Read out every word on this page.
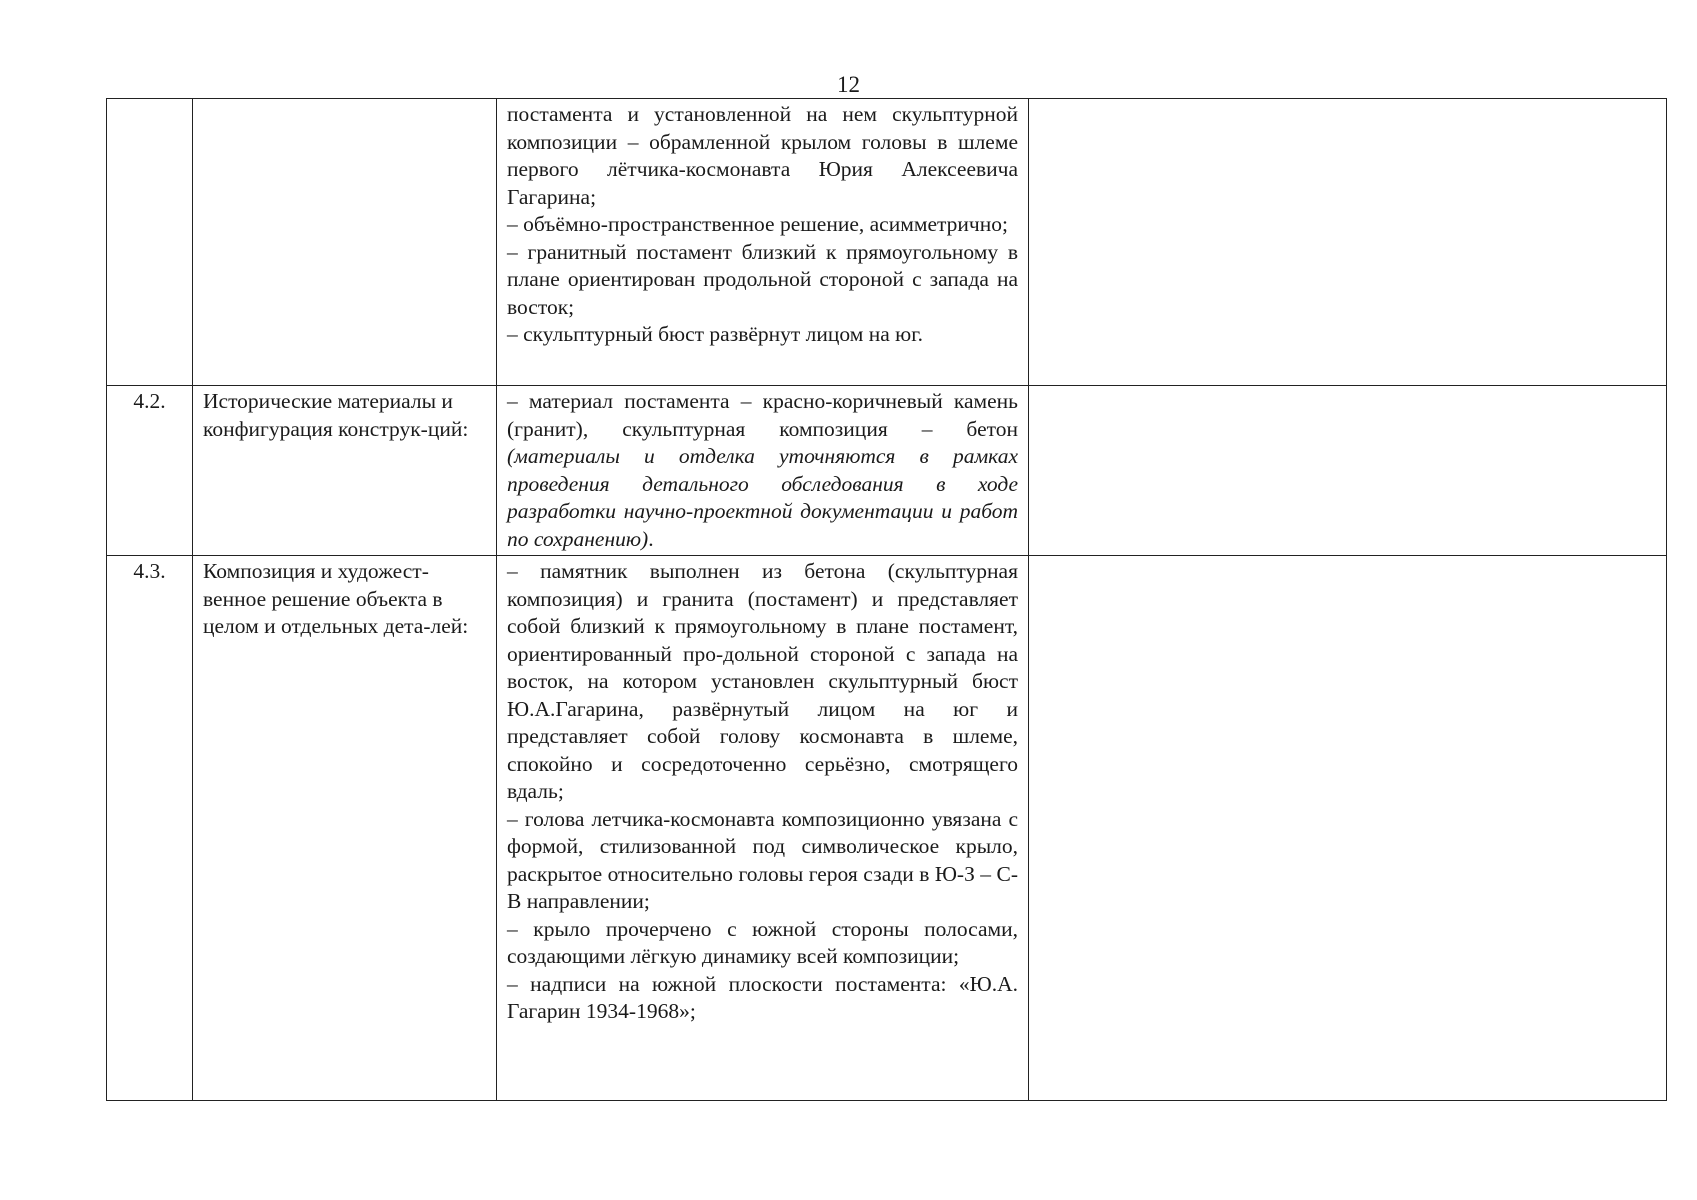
12

		постамента и установленной на нем скульптурной композиции – обрамленной крылом головы в шлеме первого лётчика-космонавта Юрия Алексеевича Гагарина;

– объёмно-пространственное решение, асимметрично;

– гранитный постамент близкий к прямоугольному в плане ориентирован продольной стороной с запада на восток;

– скульптурный бюст развёрнут лицом на юг.	

4.2.	Исторические материалы и конфигурация конструк-ций:	– материал постамента – красно-коричневый камень (гранит), скульптурная композиция – бетон (материалы и отделка уточняются в рамках проведения детального обследования в ходе разработки научно-проектной документации и работ по сохранению).	

4.3.	Композиция и художест-венное решение объекта в целом и отдельных дета-лей:	– памятник выполнен из бетона (скульптурная композиция) и гранита (постамент) и представляет собой близкий к прямоугольному в плане постамент, ориентированный про-дольной стороной с запада на восток, на котором установлен скульптурный бюст Ю.А.Гагарина, развёрнутый лицом на юг и представляет собой голову космонавта в шлеме, спокойно и сосредоточенно серьёзно, смотрящего вдаль;

– голова летчика-космонавта композиционно увязана с формой, стилизованной под символическое крыло, раскрытое относительно головы героя сзади в Ю-З – С-В направлении;

– крыло прочерчено с южной стороны полосами, создающими лёгкую динамику всей композиции;

– надписи на южной плоскости постамента: «Ю.А. Гагарин 1934-1968»;	
